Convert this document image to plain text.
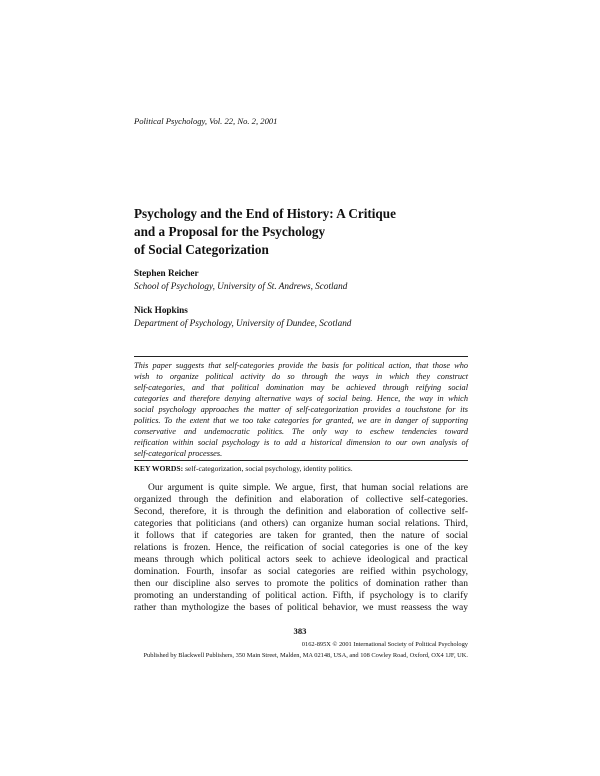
Political Psychology, Vol. 22, No. 2, 2001
Psychology and the End of History: A Critique
and a Proposal for the Psychology
of Social Categorization
Stephen Reicher
School of Psychology, University of St. Andrews, Scotland
Nick Hopkins
Department of Psychology, University of Dundee, Scotland
This paper suggests that self-categories provide the basis for political action, that those who
wish to organize political activity do so through the ways in which they construct
self-categories, and that political domination may be achieved through reifying social
categories and therefore denying alternative ways of social being. Hence, the way in which
social psychology approaches the matter of self-categorization provides a touchstone for its
politics. To the extent that we too take categories for granted, we are in danger of supporting
conservative and undemocratic politics. The only way to eschew tendencies toward
reification within social psychology is to add a historical dimension to our own analysis of
self-categorical processes.
KEY WORDS: self-categorization, social psychology, identity politics.
Our argument is quite simple. We argue, first, that human social relations are
organized through the definition and elaboration of collective self-categories.
Second, therefore, it is through the definition and elaboration of collective self-
categories that politicians (and others) can organize human social relations. Third,
it follows that if categories are taken for granted, then the nature of social
relations is frozen. Hence, the reification of social categories is one of the key
means through which political actors seek to achieve ideological and practical
domination. Fourth, insofar as social categories are reified within psychology,
then our discipline also serves to promote the politics of domination rather than
promoting an understanding of political action. Fifth, if psychology is to clarify
rather than mythologize the bases of political behavior, we must reassess the way
383
0162-895X © 2001 International Society of Political Psychology
Published by Blackwell Publishers, 350 Main Street, Malden, MA 02148, USA, and 108 Cowley Road, Oxford, OX4 1JF, UK.
